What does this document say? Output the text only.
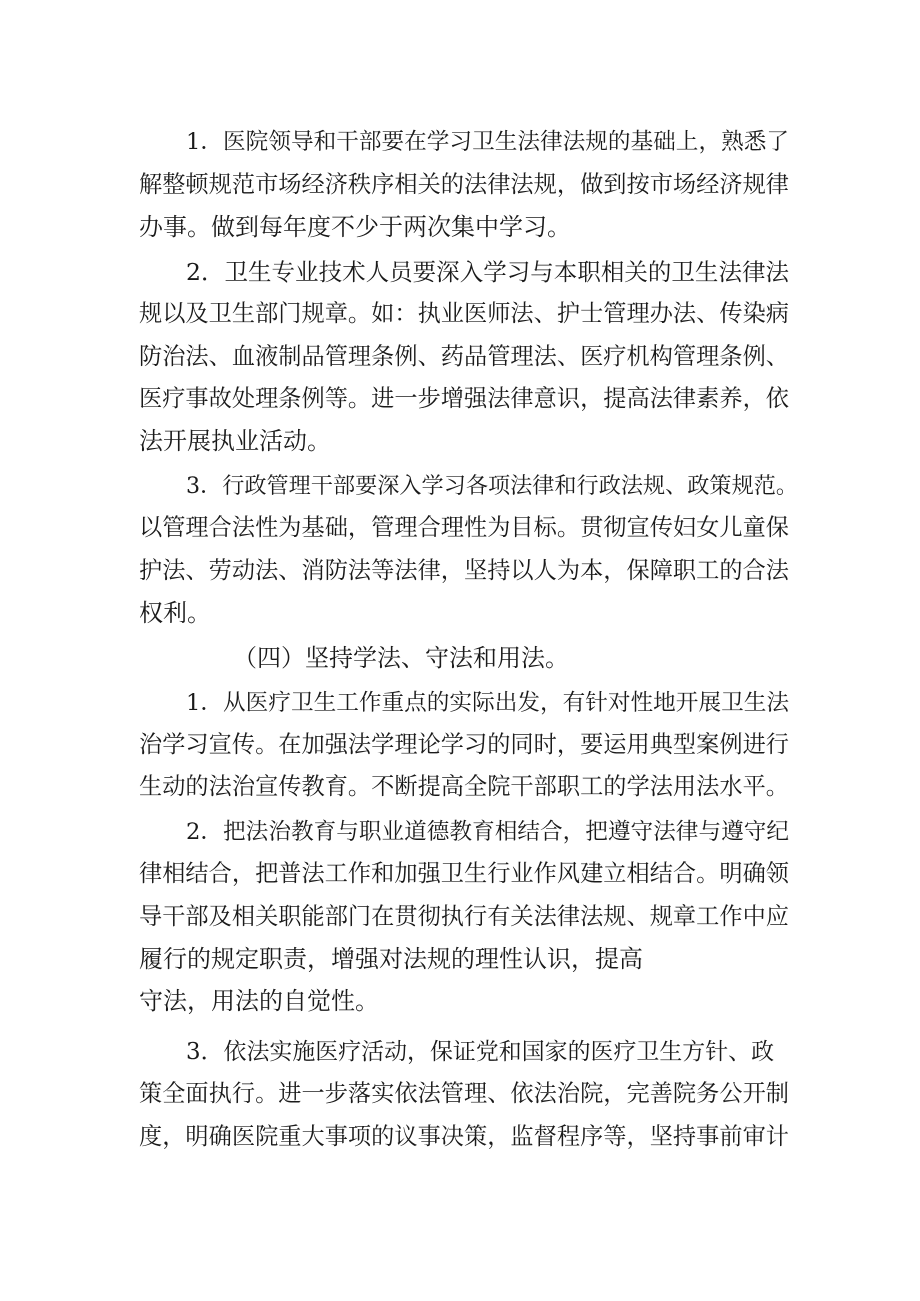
1．医院领导和干部要在学习卫生法律法规的基础上，熟悉了
解整顿规范市场经济秩序相关的法律法规，做到按市场经济规律
办事。做到每年度不少于两次集中学习。
2．卫生专业技术人员要深入学习与本职相关的卫生法律法
规以及卫生部门规章。如：执业医师法、护士管理办法、传染病
防治法、血液制品管理条例、药品管理法、医疗机构管理条例、
医疗事故处理条例等。进一步增强法律意识，提高法律素养，依
法开展执业活动。
3．行政管理干部要深入学习各项法律和行政法规、政策规范。
以管理合法性为基础，管理合理性为目标。贯彻宣传妇女儿童保
护法、劳动法、消防法等法律，坚持以人为本，保障职工的合法
权利。
（四）坚持学法、守法和用法。
1．从医疗卫生工作重点的实际出发，有针对性地开展卫生法
治学习宣传。在加强法学理论学习的同时，要运用典型案例进行
生动的法治宣传教育。不断提高全院干部职工的学法用法水平。
2．把法治教育与职业道德教育相结合，把遵守法律与遵守纪
律相结合，把普法工作和加强卫生行业作风建立相结合。明确领
导干部及相关职能部门在贯彻执行有关法律法规、规章工作中应
履行的规定职责，增强对法规的理性认识，提高
守法，用法的自觉性。
3．依法实施医疗活动，保证党和国家的医疗卫生方针、政
策全面执行。进一步落实依法管理、依法治院，完善院务公开制
度，明确医院重大事项的议事决策，监督程序等，坚持事前审计
